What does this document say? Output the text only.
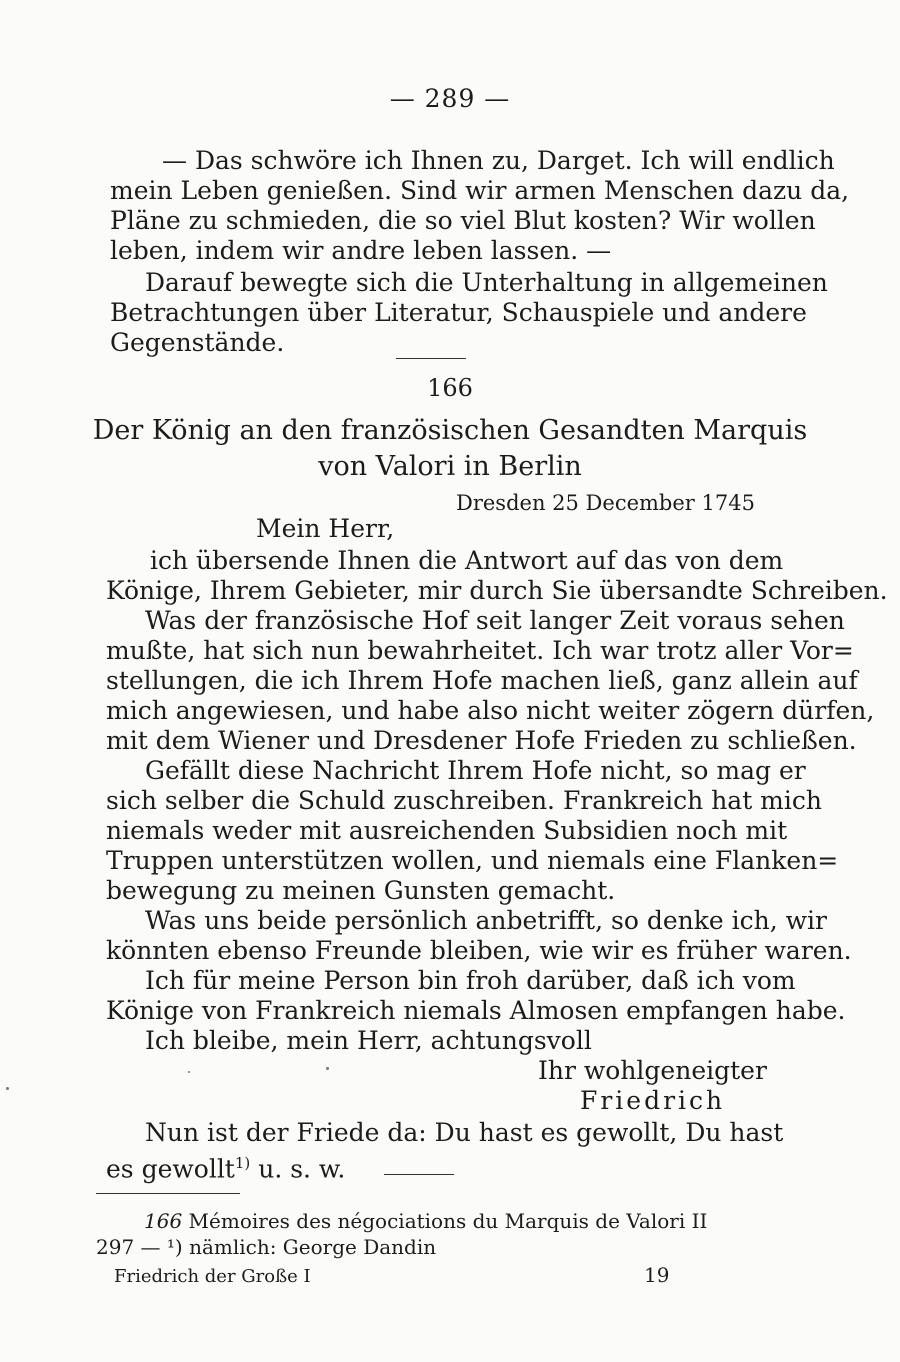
— 289 —
— Das schwöre ich Ihnen zu, Darget. Ich will endlich
mein Leben genießen. Sind wir armen Menschen dazu da,
Pläne zu schmieden, die so viel Blut kosten? Wir wollen
leben, indem wir andre leben lassen. —
Darauf bewegte sich die Unterhaltung in allgemeinen
Betrachtungen über Literatur, Schauspiele und andere
Gegenstände.
166
Der König an den französischen Gesandten Marquis
von Valori in Berlin
Dresden 25 December 1745
Mein Herr,
ich übersende Ihnen die Antwort auf das von dem
Könige, Ihrem Gebieter, mir durch Sie übersandte Schreiben.
Was der französische Hof seit langer Zeit voraus sehen
mußte, hat sich nun bewahrheitet. Ich war trotz aller Vor=
stellungen, die ich Ihrem Hofe machen ließ, ganz allein auf
mich angewiesen, und habe also nicht weiter zögern dürfen,
mit dem Wiener und Dresdener Hofe Frieden zu schließen.
Gefällt diese Nachricht Ihrem Hofe nicht, so mag er
sich selber die Schuld zuschreiben. Frankreich hat mich
niemals weder mit ausreichenden Subsidien noch mit
Truppen unterstützen wollen, und niemals eine Flanken=
bewegung zu meinen Gunsten gemacht.
Was uns beide persönlich anbetrifft, so denke ich, wir
könnten ebenso Freunde bleiben, wie wir es früher waren.
Ich für meine Person bin froh darüber, daß ich vom
Könige von Frankreich niemals Almosen empfangen habe.
Ich bleibe, mein Herr, achtungsvoll
Ihr wohlgeneigter
Friedrich
Nun ist der Friede da: Du hast es gewollt, Du hast
es gewollt$^{1)}$ u. s. w.
166 Mémoires des négociations du Marquis de Valori II
297 — ¹) nämlich: George Dandin
Friedrich der Große I	19
